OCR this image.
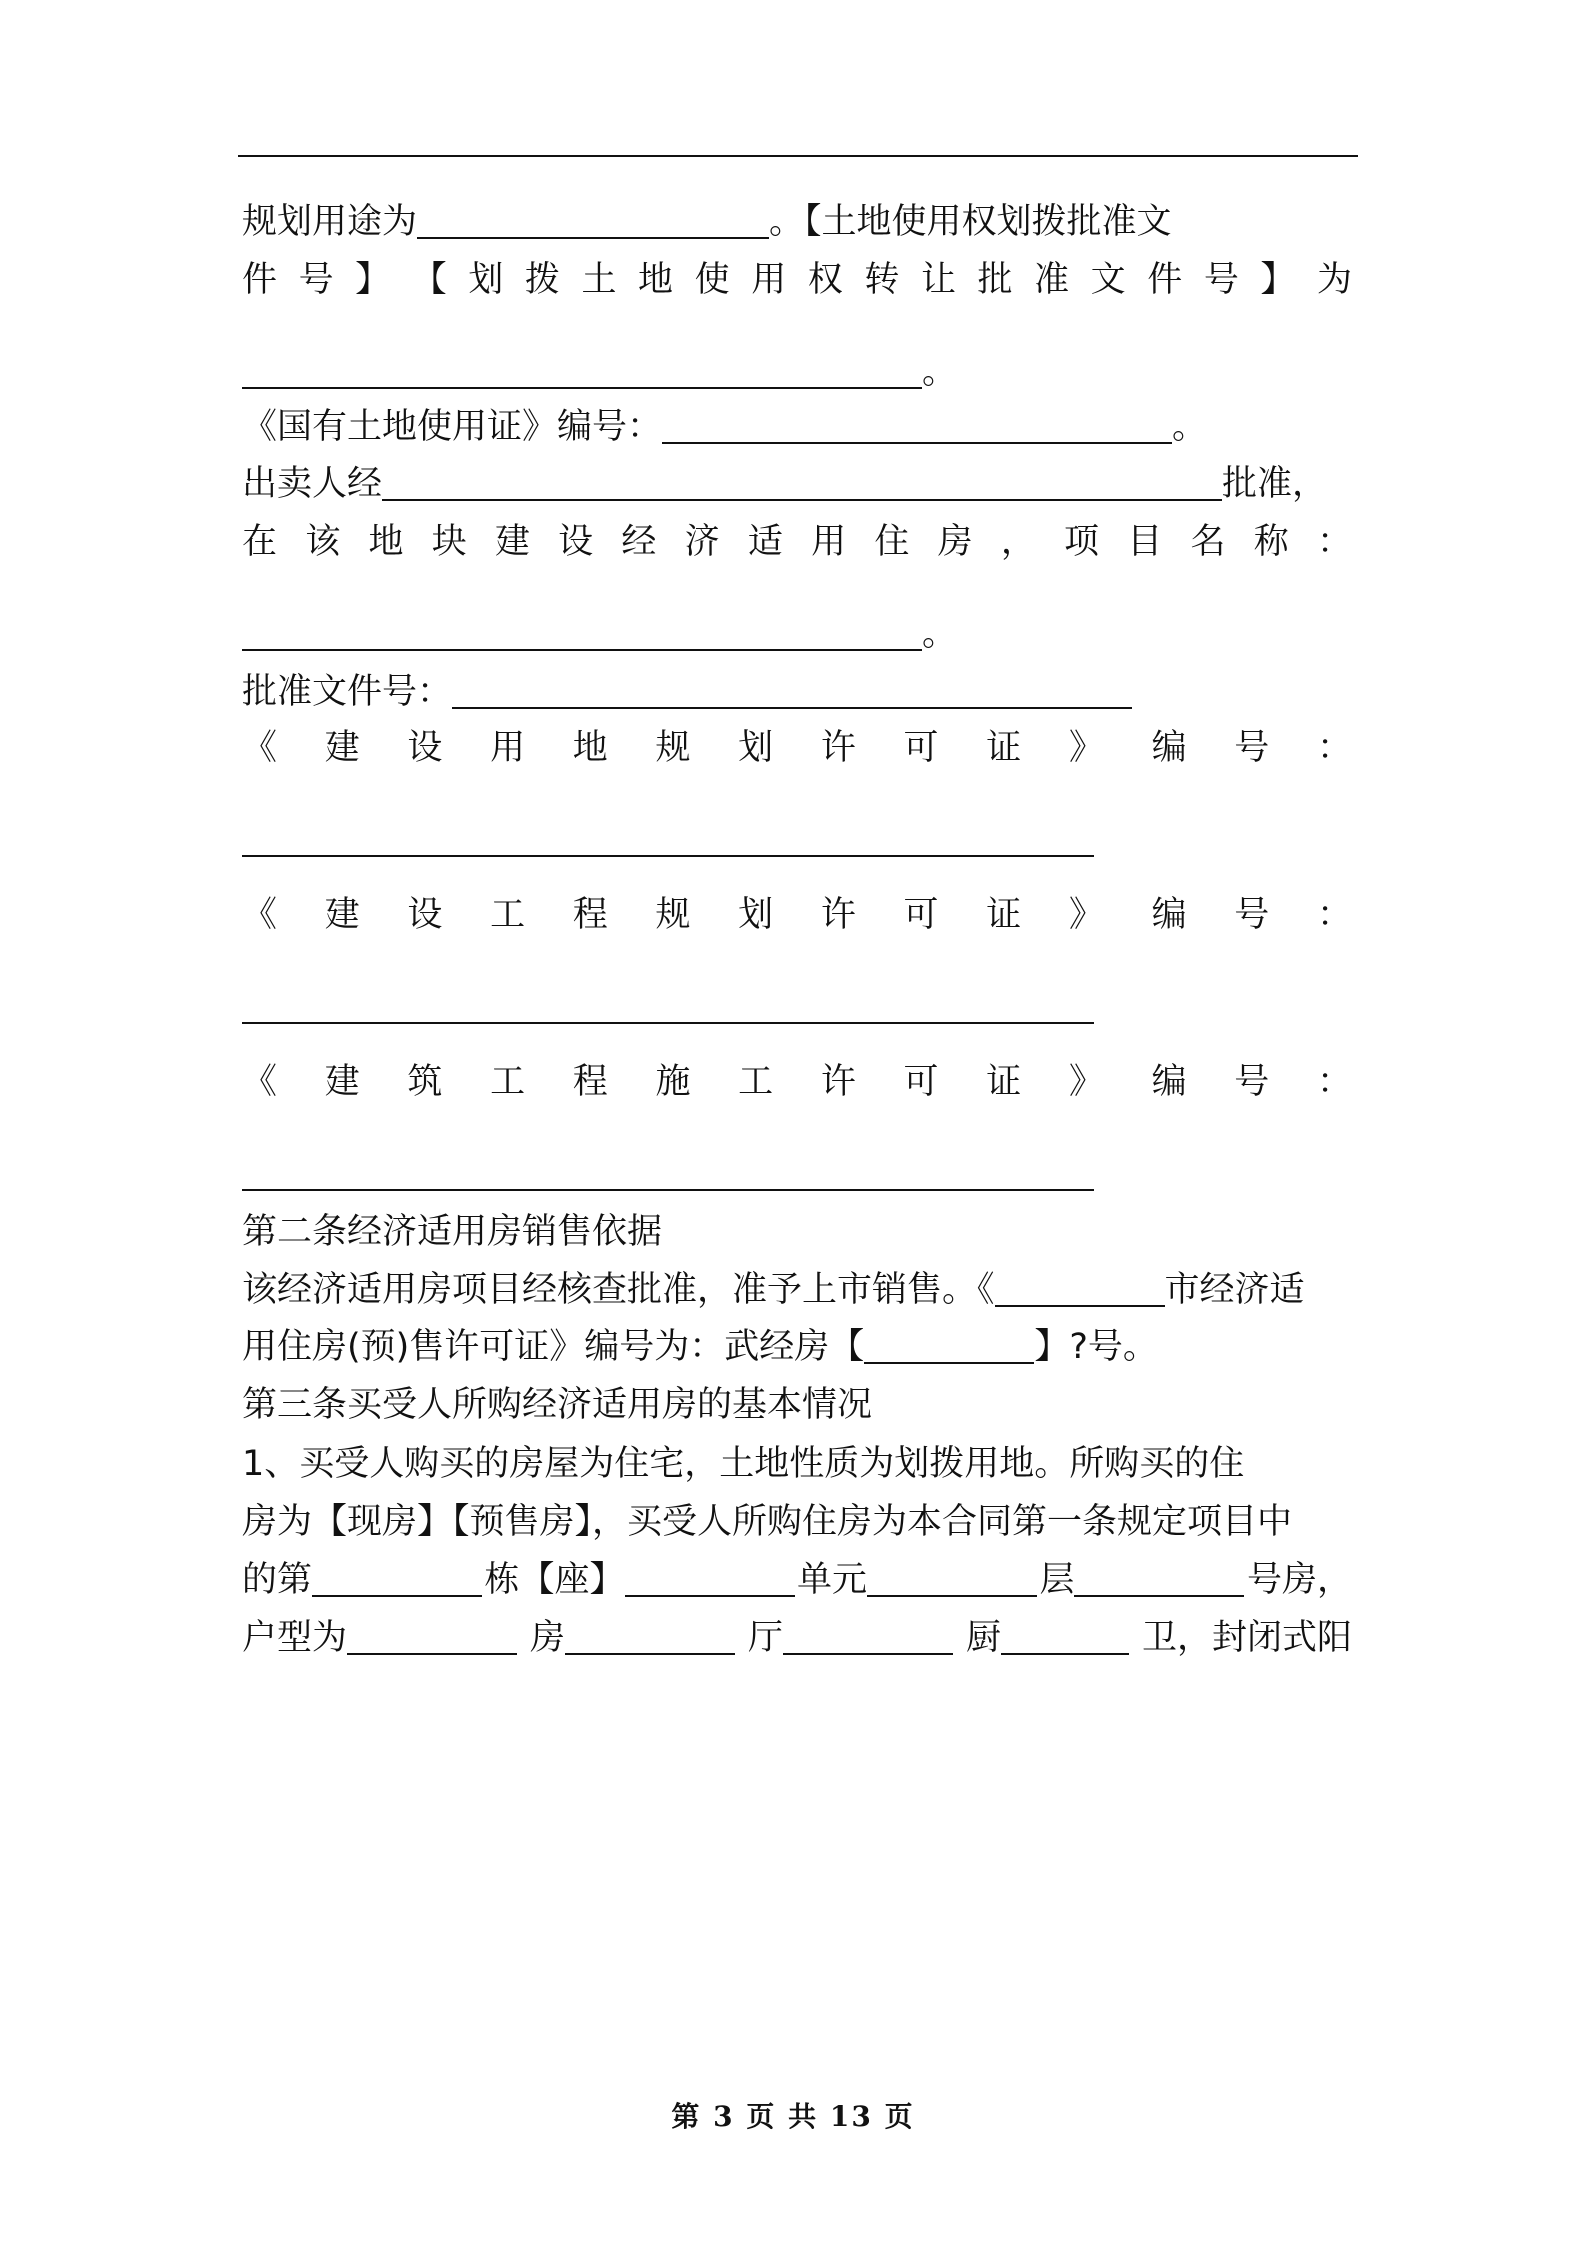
规划用途为	。【土地使用权划拨批准文
件 号 】 【 划 拨 土 地 使 用 权 转 让 批 准 文 件 号 】 为
。
《国有土地使用证》编号：	。
出卖人经	批准，
在 该 地 块 建 设 经 济 适 用 住 房 ， 项 目 名 称 ：
。
批准文件号：
《 建 设 用 地 规 划 许 可 证 》 编 号 ：
《 建 设 工 程 规 划 许 可 证 》 编 号 ：
《 建 筑 工 程 施 工 许 可 证 》 编 号 ：
第二条经济适用房销售依据
该经济适用房项目经核查批准，准予上市销售。《	市经济适
用住房(预)售许可证》编号为：武经房【	】?号。
第三条买受人所购经济适用房的基本情况
1、买受人购买的房屋为住宅，土地性质为划拨用地。所购买的住
房为【现房】【预售房】，买受人所购住房为本合同第一条规定项目中
的第	栋【座】	单元	层	号房，
户型为	房	厅	厨	卫，封闭式阳
第 3 页 共 13 页
